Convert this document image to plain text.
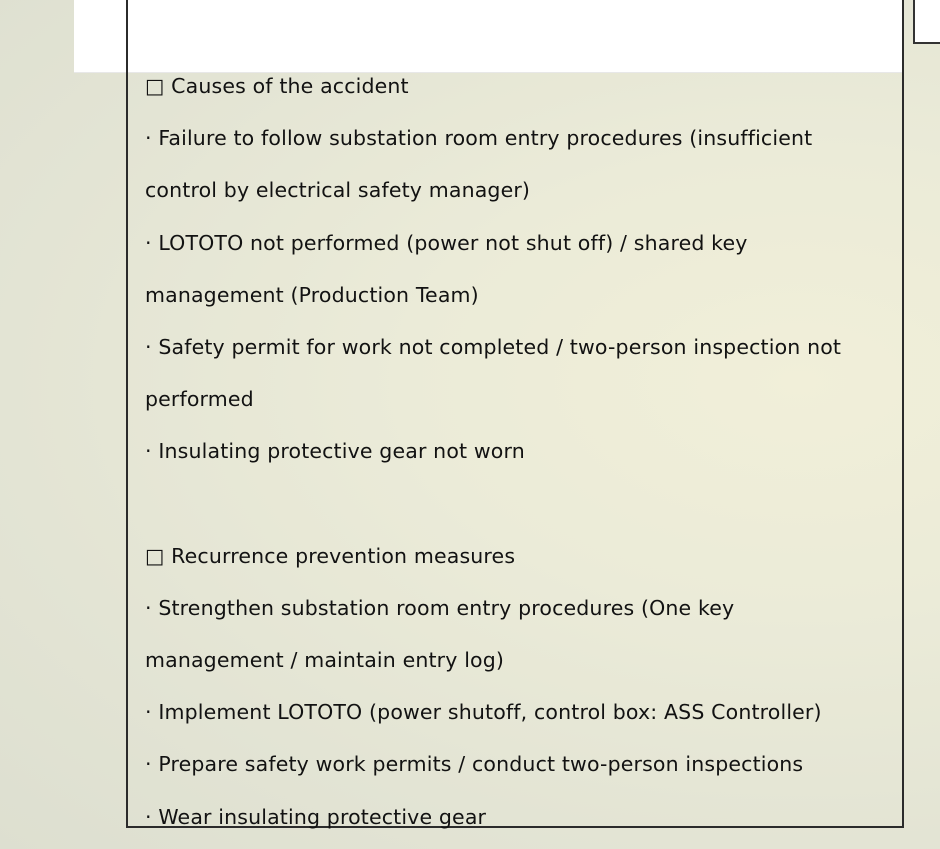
□ Causes of the accident
· Failure to follow substation room entry procedures (insufficient
control by electrical safety manager)
· LOTOTO not performed (power not shut off) / shared key
management (Production Team)
· Safety permit for work not completed / two-person inspection not
performed
· Insulating protective gear not worn
□ Recurrence prevention measures
· Strengthen substation room entry procedures (One key
management / maintain entry log)
· Implement LOTOTO (power shutoff, control box: ASS Controller)
· Prepare safety work permits / conduct two-person inspections
· Wear insulating protective gear
